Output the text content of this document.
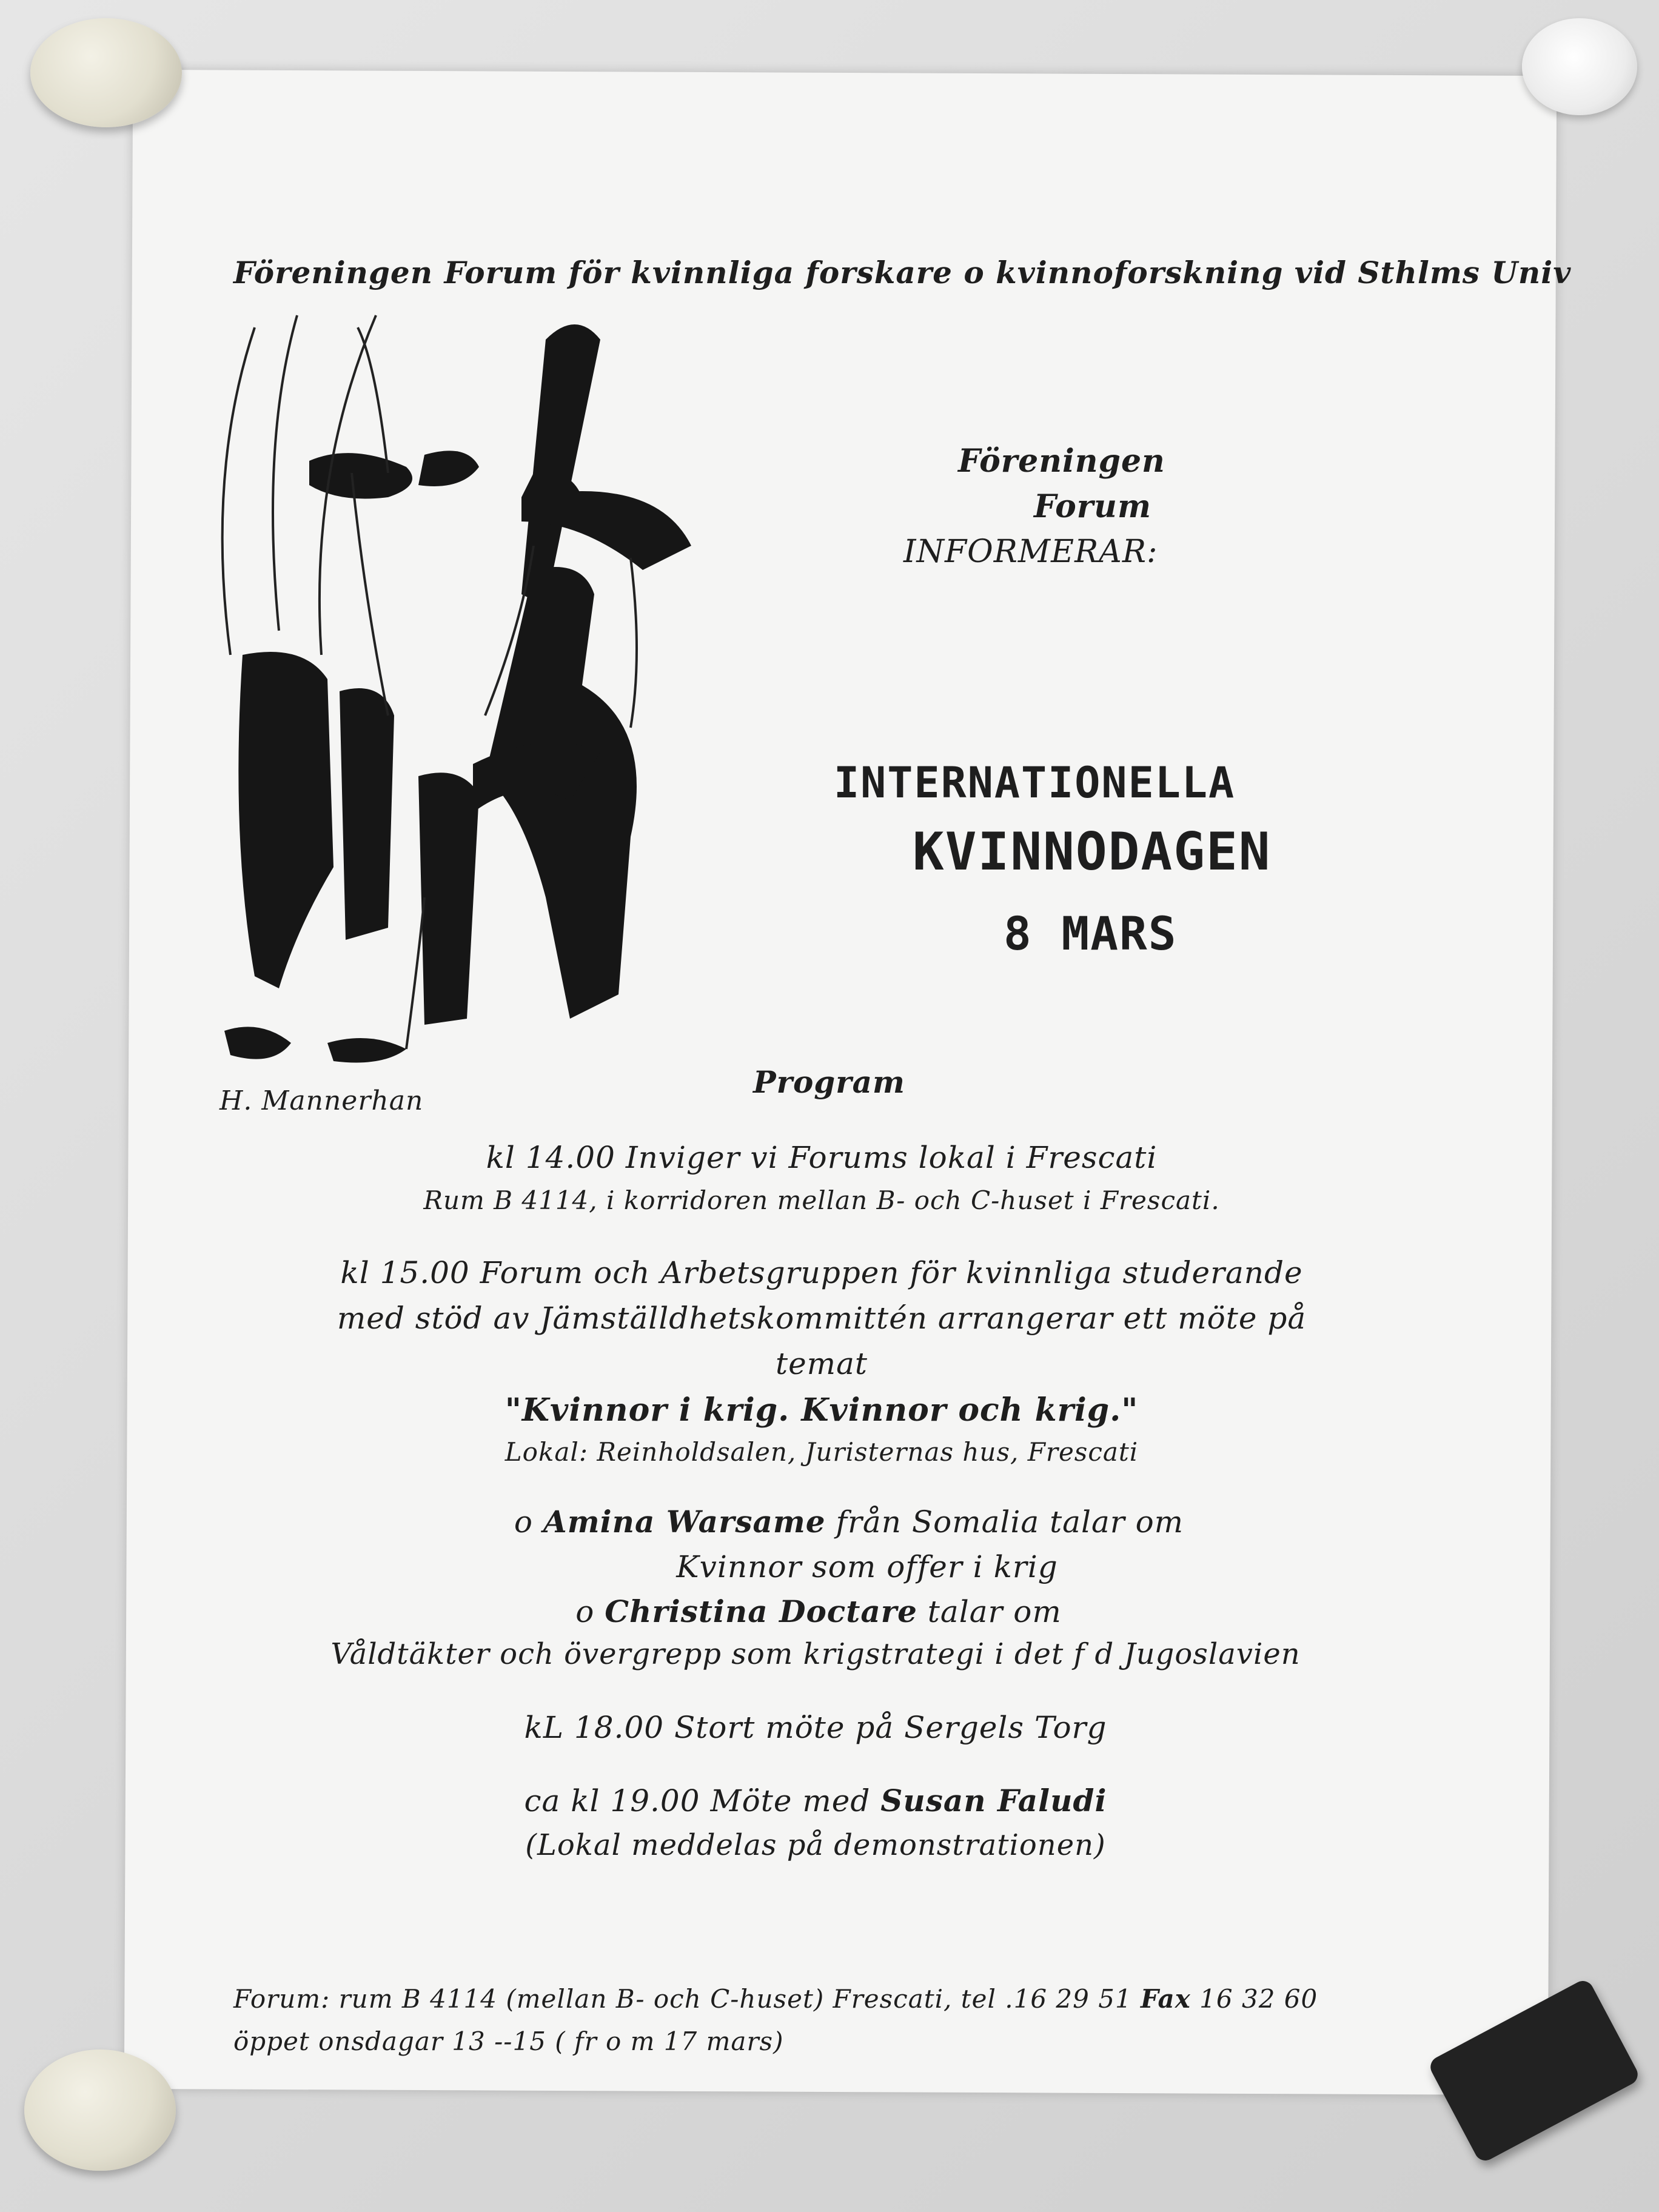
Föreningen Forum för kvinnliga forskare o kvinnoforskning vid Sthlms Univ
H. Mannerhan
Föreningen
Forum
INFORMERAR:
INTERNATIONELLA
KVINNODAGEN
8 MARS
Program
kl 14.00 Inviger vi Forums lokal i Frescati
Rum B 4114, i korridoren mellan B- och C-huset i Frescati.
kl 15.00 Forum och Arbetsgruppen för kvinnliga studerande
med stöd av Jämställdhetskommittén arrangerar ett möte på
temat
"Kvinnor i krig. Kvinnor och krig."
Lokal: Reinholdsalen, Juristernas hus, Frescati
o Amina Warsame från Somalia talar om
Kvinnor som offer i krig
o Christina Doctare talar om
Våldtäkter och övergrepp som krigstrategi i det f d Jugoslavien
kL 18.00 Stort möte på Sergels Torg
ca kl 19.00 Möte med Susan Faludi
(Lokal meddelas på demonstrationen)
Forum: rum B 4114 (mellan B- och C-huset) Frescati, tel .16 29 51 Fax 16 32 60
öppet onsdagar 13 --15 ( fr o m 17 mars)
